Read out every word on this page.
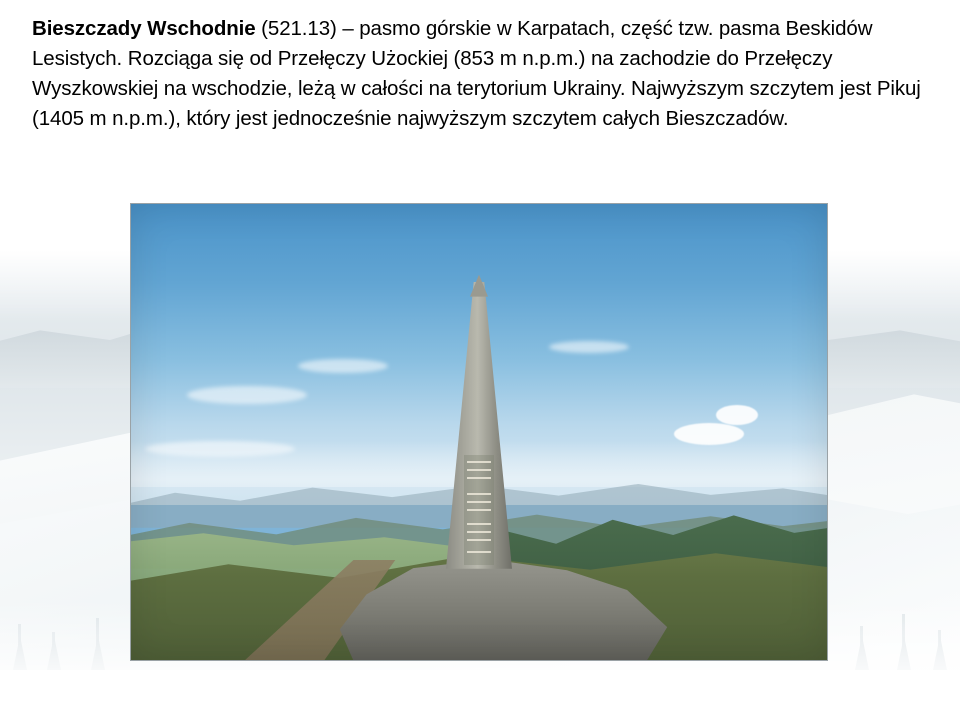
Bieszczady Wschodnie (521.13) – pasmo górskie w Karpatach, część tzw. pasma Beskidów Lesistych. Rozciąga się od Przełęczy Użockiej (853 m n.p.m.) na zachodzie do Przełęczy Wyszkowskiej na wschodzie, leżą w całości na terytorium Ukrainy. Najwyższym szczytem jest Pikuj (1405 m n.p.m.), który jest jednocześnie najwyższym szczytem całych Bieszczadów.
